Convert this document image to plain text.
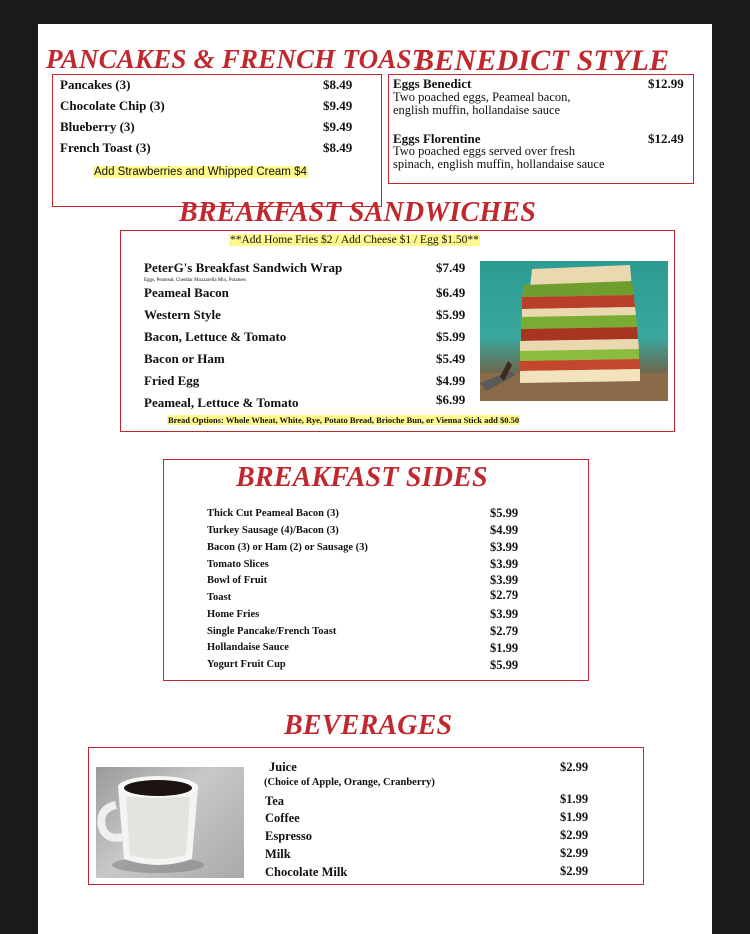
PANCAKES & FRENCH TOAST
Pancakes (3)	$8.49
Chocolate Chip (3)	$9.49
Blueberry (3)	$9.49
French Toast (3)	$8.49
Add Strawberries and Whipped Cream $4
BENEDICT STYLE
Eggs Benedict	$12.99
Two poached eggs, Peameal bacon,
english muffin, hollandaise sauce
Eggs Florentine	$12.49
Two poached eggs served over fresh
spinach, english muffin, hollandaise sauce
BREAKFAST SANDWICHES
**Add Home Fries $2 / Add Cheese $1 / Egg $1.50**
PeterG's Breakfast Sandwich Wrap	$7.49
Eggs, Peameal, Cheddar Mozzarella Mix, Potatoes
Peameal Bacon	$6.49
Western Style	$5.99
Bacon, Lettuce & Tomato	$5.99
Bacon or Ham	$5.49
Fried Egg	$4.99
Peameal, Lettuce & Tomato	$6.99
Bread Options: Whole Wheat, White, Rye, Potato Bread, Brioche Bun, or Vienna Stick add $0.50
BREAKFAST SIDES
Thick Cut Peameal Bacon (3)	$5.99
Turkey Sausage (4)/Bacon (3)	$4.99
Bacon (3) or Ham (2) or Sausage (3)	$3.99
Tomato Slices	$3.99
Bowl of Fruit	$3.99
Toast	$2.79
Home Fries	$3.99
Single Pancake/French Toast	$2.79
Hollandaise Sauce	$1.99
Yogurt Fruit Cup	$5.99
BEVERAGES
Juice	$2.99
(Choice of Apple, Orange, Cranberry)
Tea	$1.99
Coffee	$1.99
Espresso	$2.99
Milk	$2.99
Chocolate Milk	$2.99
